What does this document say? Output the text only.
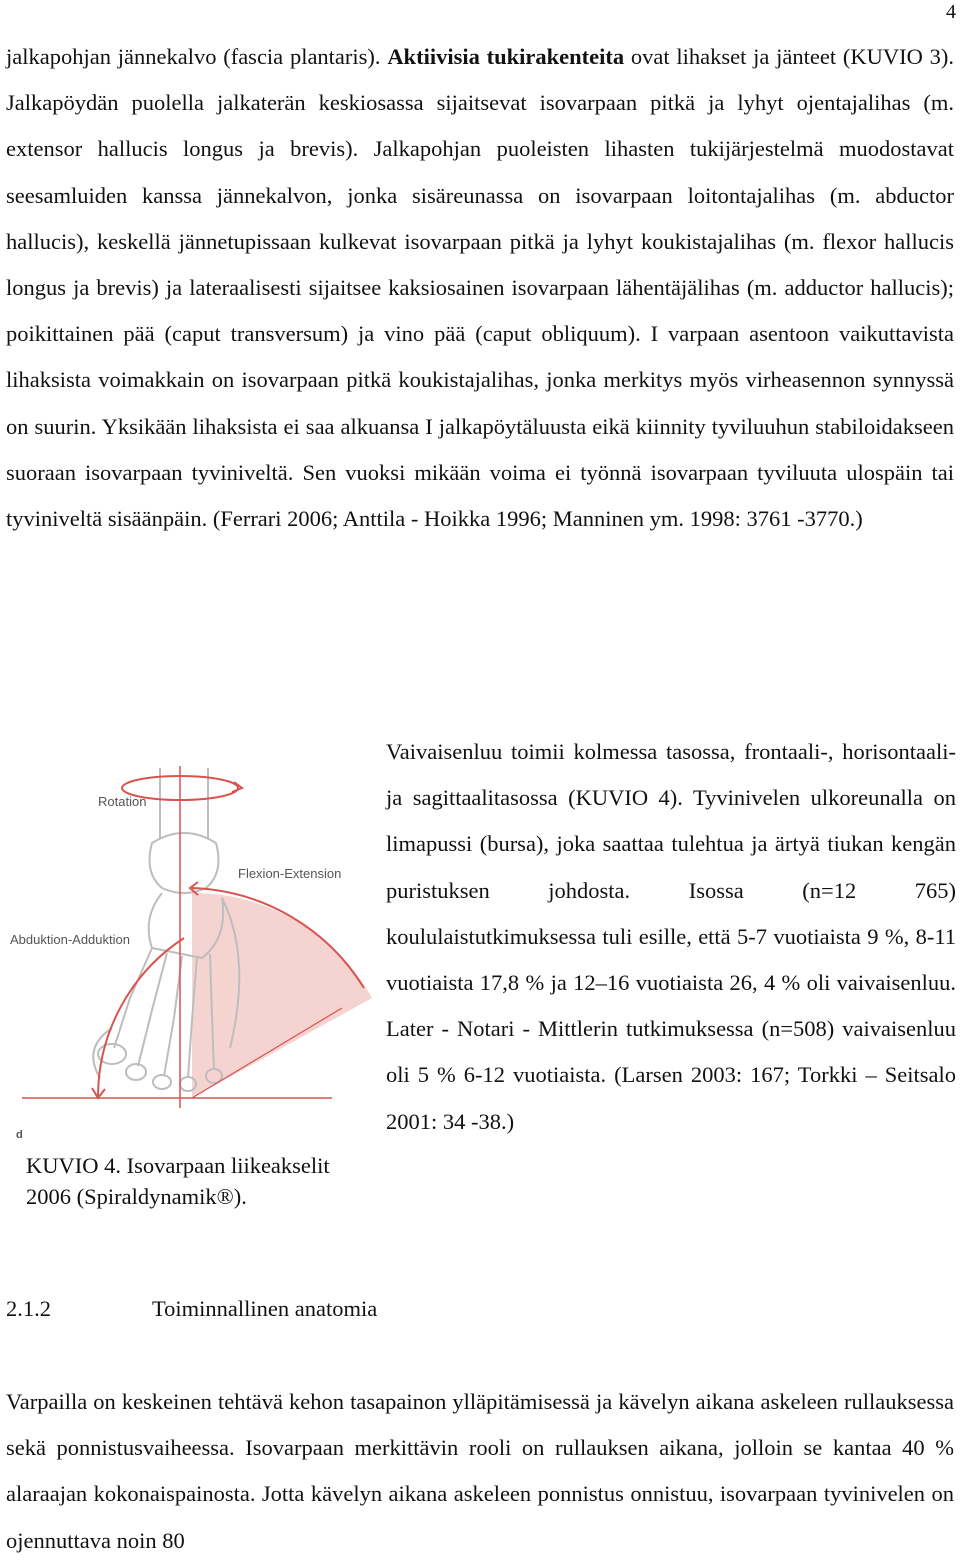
4

jalkapohjan jännekalvo (fascia plantaris). Aktiivisia tukirakenteita ovat lihakset ja jänteet (KUVIO 3). Jalkapöydän puolella jalkaterän keskiosassa sijaitsevat isovarpaan pitkä ja lyhyt ojentajalihas (m. extensor hallucis longus ja brevis). Jalkapohjan puoleisten lihasten tukijärjestelmä muodostavat seesamluiden kanssa jännekalvon, jonka sisäreunassa on isovarpaan loitontajalihas (m. abductor hallucis), keskellä jännetupissaan kulkevat isovarpaan pitkä ja lyhyt koukistajalihas (m. flexor hallucis longus ja brevis) ja lateraalisesti sijaitsee kaksiosainen isovarpaan lähentäjälihas (m. adductor hallucis); poikittainen pää (caput transversum) ja vino pää (caput obliquum). I varpaan asentoon vaikuttavista lihaksista voimakkain on isovarpaan pitkä koukistajalihas, jonka merkitys myös virheasennon synnyssä on suurin. Yksikään lihaksista ei saa alkuansa I jalkapöytäluusta eikä kiinnity tyviluuhun stabiloidakseen suoraan isovarpaan tyviniveltä. Sen vuoksi mikään voima ei työnnä isovarpaan tyviluuta ulospäin tai tyviniveltä sisäänpäin. (Ferrari 2006; Anttila - Hoikka 1996; Manninen ym. 1998: 3761 -3770.)

Rotation
Flexion-Extension
Abduktion-Adduktion
d

KUVIO 4. Isovarpaan liikeakselit 2006 (Spiraldynamik®).

Vaivaisenluu toimii kolmessa tasossa, frontaali-, horisontaali- ja sagittaalitasossa (KUVIO 4). Tyvinivelen ulkoreunalla on limapussi (bursa), joka saattaa tulehtua ja ärtyä tiukan kengän puristuksen johdosta. Isossa (n=12 765) koululaistutkimuksessa tuli esille, että 5-7 vuotiaista 9 %, 8-11 vuotiaista 17,8 % ja 12–16 vuotiaista 26, 4 % oli vaivaisenluu. Later - Notari - Mittlerin tutkimuksessa (n=508) vaivaisenluu oli 5 % 6-12 vuotiaista. (Larsen 2003: 167; Torkki – Seitsalo 2001: 34 -38.)

2.1.2	Toiminnallinen anatomia

Varpailla on keskeinen tehtävä kehon tasapainon ylläpitämisessä ja kävelyn aikana askeleen rullauksessa sekä ponnistusvaiheessa. Isovarpaan merkittävin rooli on rullauksen aikana, jolloin se kantaa 40 % alaraajan kokonaispainosta. Jotta kävelyn aikana askeleen ponnistus onnistuu, isovarpaan tyvinivelen on ojennuttava noin 80
